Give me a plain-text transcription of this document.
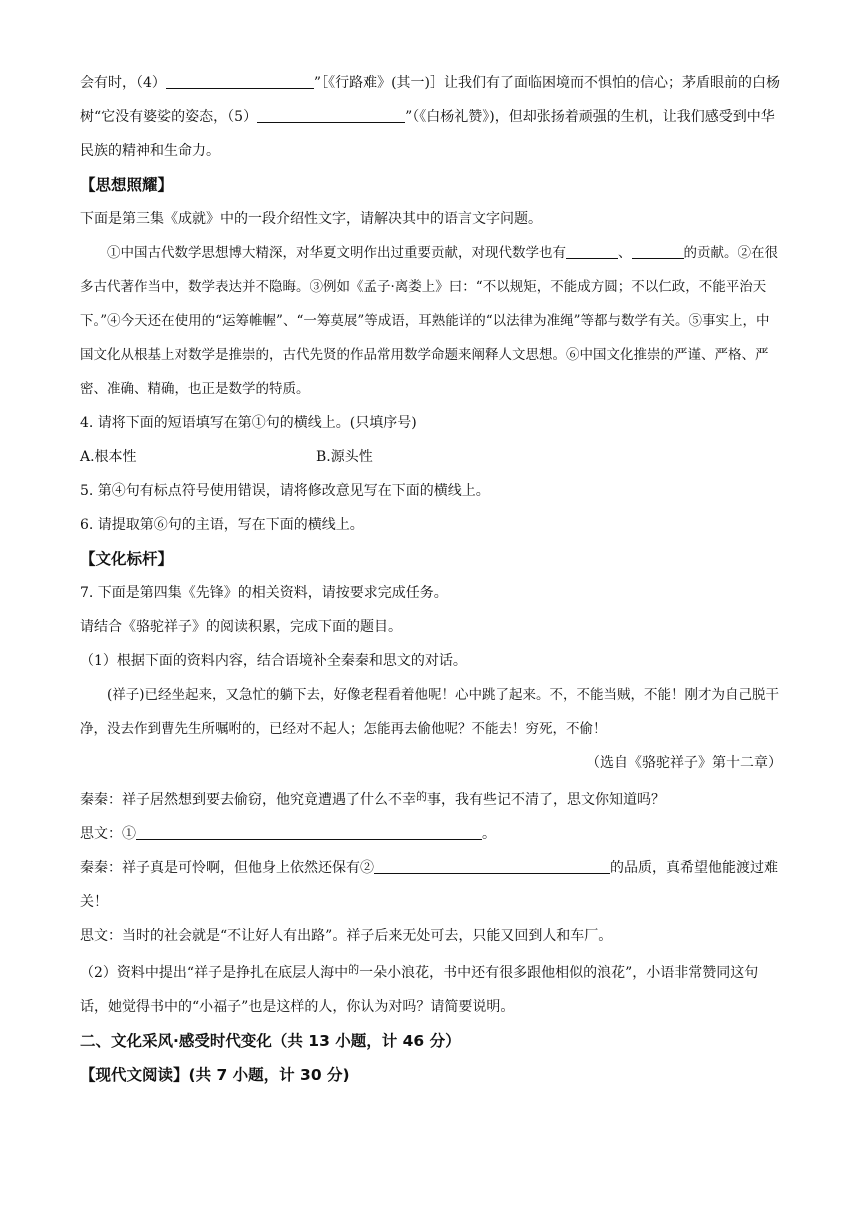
会有时，（4）	”［《行路难》(其一)］让我们有了面临困境而不惧怕的信心；茅盾眼前的白杨树“它没有婆娑的姿态，（5）	”（《白杨礼赞》)，但却张扬着顽强的生机，让我们感受到中华民族的精神和生命力。

【思想照耀】

下面是第三集《成就》中的一段介绍性文字，请解决其中的语言文字问题。

①中国古代数学思想博大精深，对华夏文明作出过重要贡献，对现代数学也有	、	的贡献。②在很多古代著作当中，数学表达并不隐晦。③例如《孟子·离娄上》曰：“不以规矩，不能成方圆；不以仁政，不能平治天下。”④今天还在使用的“运筹帷幄”、“一筹莫展”等成语，耳熟能详的“以法律为准绳”等都与数学有关。⑤事实上，中国文化从根基上对数学是推崇的，古代先贤的作品常用数学命题来阐释人文思想。⑥中国文化推崇的严谨、严格、严密、准确、精确，也正是数学的特质。

4. 请将下面的短语填写在第①句的横线上。(只填序号)

A.根本性	B.源头性

5. 第④句有标点符号使用错误，请将修改意见写在下面的横线上。

6. 请提取第⑥句的主语，写在下面的横线上。

【文化标杆】

7. 下面是第四集《先锋》的相关资料，请按要求完成任务。

请结合《骆驼祥子》的阅读积累，完成下面的题目。

（1）根据下面的资料内容，结合语境补全秦秦和思文的对话。

(祥子)已经坐起来，又急忙的躺下去，好像老程看着他呢！心中跳了起来。不，不能当贼，不能！刚才为自己脱干净，没去作到曹先生所嘱咐的，已经对不起人；怎能再去偷他呢？不能去！穷死，不偷！

（选自《骆驼祥子》第十二章）

秦秦：祥子居然想到要去偷窃，他究竟遭遇了什么不幸$^的$事，我有些记不清了，思文你知道吗？

思文：①	。

秦秦：祥子真是可怜啊，但他身上依然还保有②	的品质，真希望他能渡过难关！

思文：当时的社会就是“不让好人有出路”。祥子后来无处可去，只能又回到人和车厂。

（2）资料中提出“祥子是挣扎在底层人海中$^的$一朵小浪花，书中还有很多跟他相似的浪花”，小语非常赞同这句话，她觉得书中的“小福子”也是这样的人，你认为对吗？请简要说明。

二、文化采风·感受时代变化（共 13 小题，计 46 分）

【现代文阅读】(共 7 小题，计 30 分)
